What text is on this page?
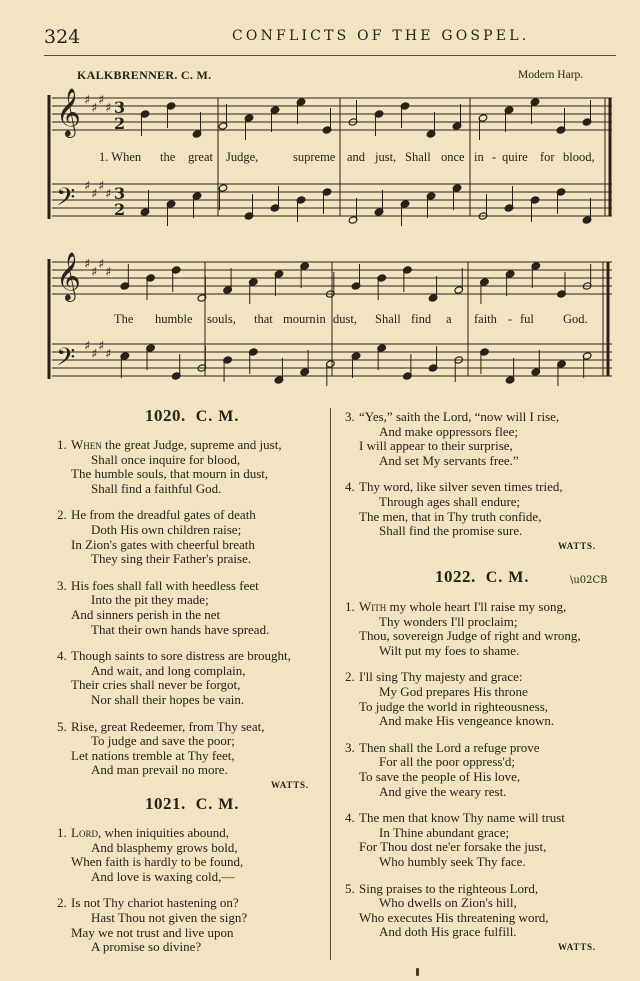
324	CONFLICTS OF THE GOSPEL.
KALKBRENNER. C. M.	Modern Harp.
𝄞
𝄢
♯
♯
♯
♯
♯
♯
♯
♯
3
2
3
2
𝄞
𝄢
♯
♯
♯
♯
♯
♯
♯
♯
1. When the great Judge,	supreme and just, Shall once in - quire for blood,
The humble souls, that mourn in dust, Shall find a faith - ful God.
1020. C. M.
1. When the great Judge, supreme and just,
Shall once inquire for blood,
The humble souls, that mourn in dust,
Shall find a faithful God.
2. He from the dreadful gates of death
Doth His own children raise;
In Zion's gates with cheerful breath
They sing their Father's praise.
3. His foes shall fall with heedless feet
Into the pit they made;
And sinners perish in the net
That their own hands have spread.
4. Though saints to sore distress are brought,
And wait, and long complain,
Their cries shall never be forgot,
Nor shall their hopes be vain.
5. Rise, great Redeemer, from Thy seat,
To judge and save the poor;
Let nations tremble at Thy feet,
And man prevail no more.
WATTS.
1021. C. M.
1. Lord, when iniquities abound,
And blasphemy grows bold,
When faith is hardly to be found,
And love is waxing cold,—
2. Is not Thy chariot hastening on?
Hast Thou not given the sign?
May we not trust and live upon
A promise so divine?
3. “Yes,” saith the Lord, “now will I rise,
And make oppressors flee;
I will appear to their surprise,
And set My servants free.”
4. Thy word, like silver seven times tried,
Through ages shall endure;
The men, that in Thy truth confide,
Shall find the promise sure.
WATTS.
1022. C. M.
1. With my whole heart I'll raise my song,
Thy wonders I'll proclaim;
Thou, sovereign Judge of right and wrong,
Wilt put my foes to shame.
2. I'll sing Thy majesty and grace:
My God prepares His throne
To judge the world in righteousness,
And make His vengeance known.
3. Then shall the Lord a refuge prove
For all the poor oppress'd;
To save the people of His love,
And give the weary rest.
4. The men that know Thy name will trust
In Thine abundant grace;
For Thou dost ne'er forsake the just,
Who humbly seek Thy face.
5. Sing praises to the righteous Lord,
Who dwells on Zion's hill,
Who executes His threatening word,
And doth His grace fulfill.
WATTS.
\u02CB
